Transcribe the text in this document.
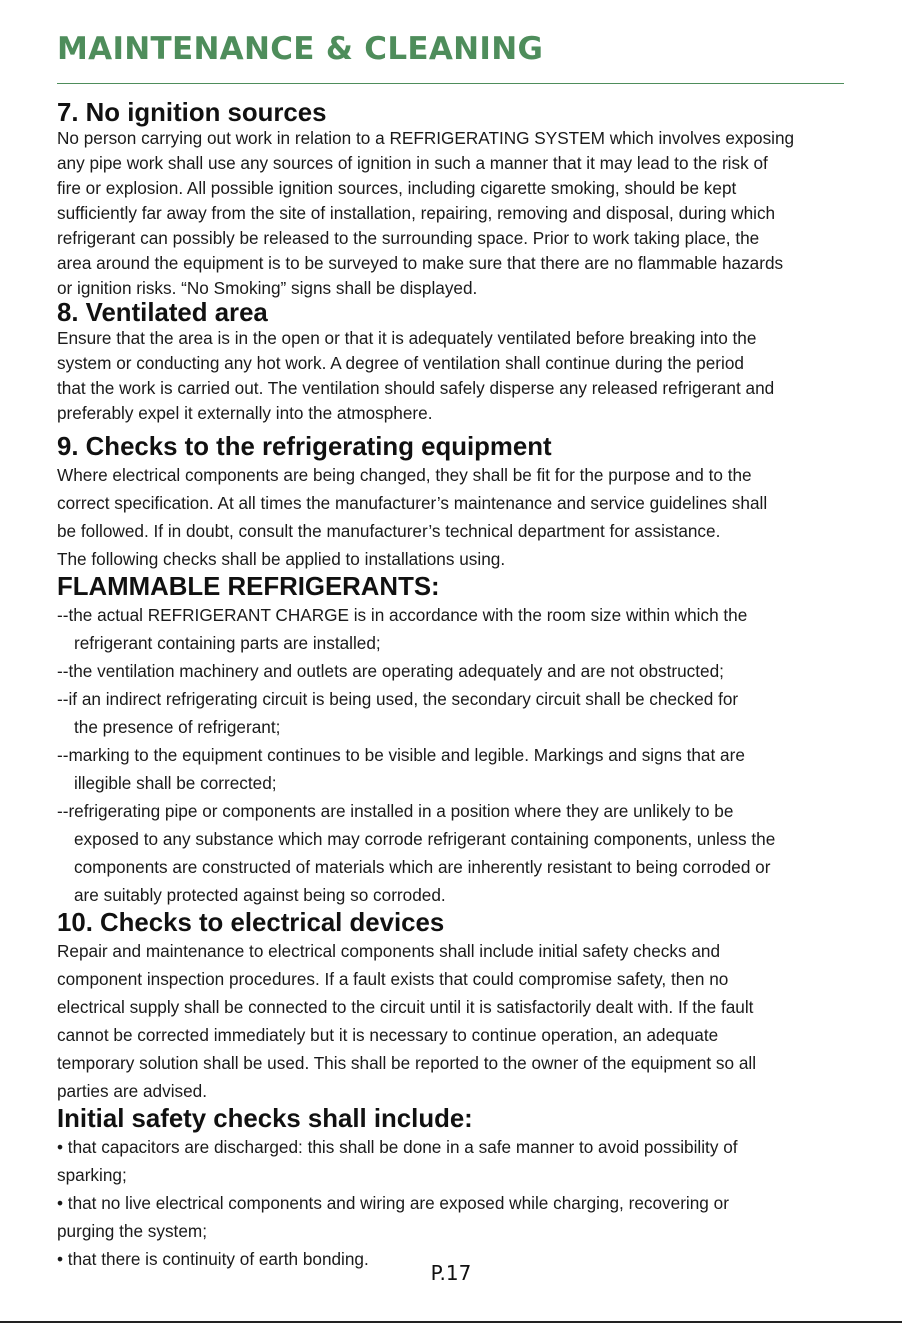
MAINTENANCE & CLEANING
7. No ignition sources

No person carrying out work in relation to a REFRIGERATING SYSTEM which involves exposing
any pipe work shall use any sources of ignition in such a manner that it may lead to the risk of
fire or explosion. All possible ignition sources, including cigarette smoking, should be kept
sufficiently far away from the site of installation, repairing, removing and disposal, during which
refrigerant can possibly be released to the surrounding space. Prior to work taking place, the
area around the equipment is to be surveyed to make sure that there are no flammable hazards
or ignition risks. “No Smoking” signs shall be displayed.

8. Ventilated area

Ensure that the area is in the open or that it is adequately ventilated before breaking into the
system or conducting any hot work. A degree of ventilation shall continue during the period
that the work is carried out. The ventilation should safely disperse any released refrigerant and
preferably expel it externally into the atmosphere.

9. Checks to the refrigerating equipment

Where electrical components are being changed, they shall be fit for the purpose and to the
correct specification. At all times the manufacturer’s maintenance and service guidelines shall
be followed. If in doubt, consult the manufacturer’s technical department for assistance.
The following checks shall be applied to installations using.

FLAMMABLE REFRIGERANTS:
--the actual REFRIGERANT CHARGE is in accordance with the room size within which the
refrigerant containing parts are installed;
--the ventilation machinery and outlets are operating adequately and are not obstructed;
--if an indirect refrigerating circuit is being used, the secondary circuit shall be checked for
the presence of refrigerant;
--marking to the equipment continues to be visible and legible. Markings and signs that are
illegible shall be corrected;
--refrigerating pipe or components are installed in a position where they are unlikely to be
exposed to any substance which may corrode refrigerant containing components, unless the
components are constructed of materials which are inherently resistant to being corroded or
are suitably protected against being so corroded.
10. Checks to electrical devices

Repair and maintenance to electrical components shall include initial safety checks and
component inspection procedures. If a fault exists that could compromise safety, then no
electrical supply shall be connected to the circuit until it is satisfactorily dealt with. If the fault
cannot be corrected immediately but it is necessary to continue operation, an adequate
temporary solution shall be used. This shall be reported to the owner of the equipment so all
parties are advised.

Initial safety checks shall include:
• that capacitors are discharged: this shall be done in a safe manner to avoid possibility of
sparking;
• that no live electrical components and wiring are exposed while charging, recovering or
purging the system;
• that there is continuity of earth bonding.
P.17
